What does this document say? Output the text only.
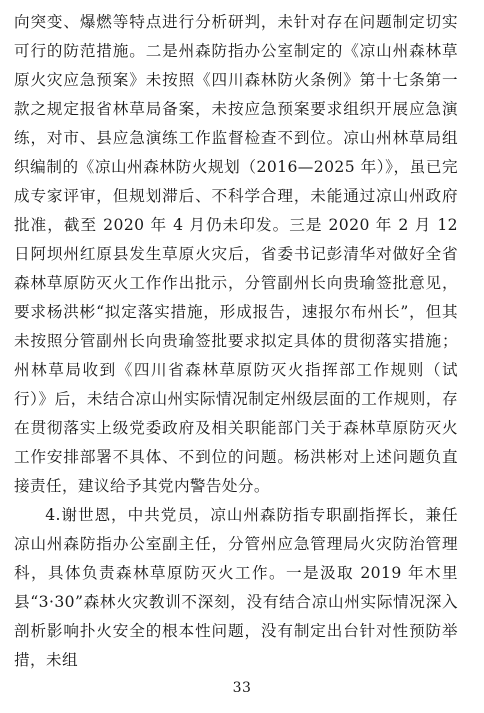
向突变、爆燃等特点进行分析研判，未针对存在问题制定切实可行的防范措施。二是州森防指办公室制定的《凉山州森林草原火灾应急预案》未按照《四川森林防火条例》第十七条第一款之规定报省林草局备案，未按应急预案要求组织开展应急演练，对市、县应急演练工作监督检查不到位。凉山州林草局组织编制的《凉山州森林防火规划（2016—2025 年）》，虽已完成专家评审，但规划滞后、不科学合理，未能通过凉山州政府批准，截至 2020 年 4 月仍未印发。三是 2020 年 2 月 12 日阿坝州红原县发生草原火灾后，省委书记彭清华对做好全省森林草原防灭火工作作出批示，分管副州长向贵瑜签批意见，要求杨洪彬“拟定落实措施，形成报告，速报尔布州长”，但其未按照分管副州长向贵瑜签批要求拟定具体的贯彻落实措施；州林草局收到《四川省森林草原防灭火指挥部工作规则（试行）》后，未结合凉山州实际情况制定州级层面的工作规则，存在贯彻落实上级党委政府及相关职能部门关于森林草原防灭火工作安排部署不具体、不到位的问题。杨洪彬对上述问题负直接责任，建议给予其党内警告处分。

4.谢世恩，中共党员，凉山州森防指专职副指挥长，兼任凉山州森防指办公室副主任，分管州应急管理局火灾防治管理科，具体负责森林草原防灭火工作。一是汲取 2019 年木里县“3·30”森林火灾教训不深刻，没有结合凉山州实际情况深入剖析影响扑火安全的根本性问题，没有制定出台针对性预防举措，未组

33
